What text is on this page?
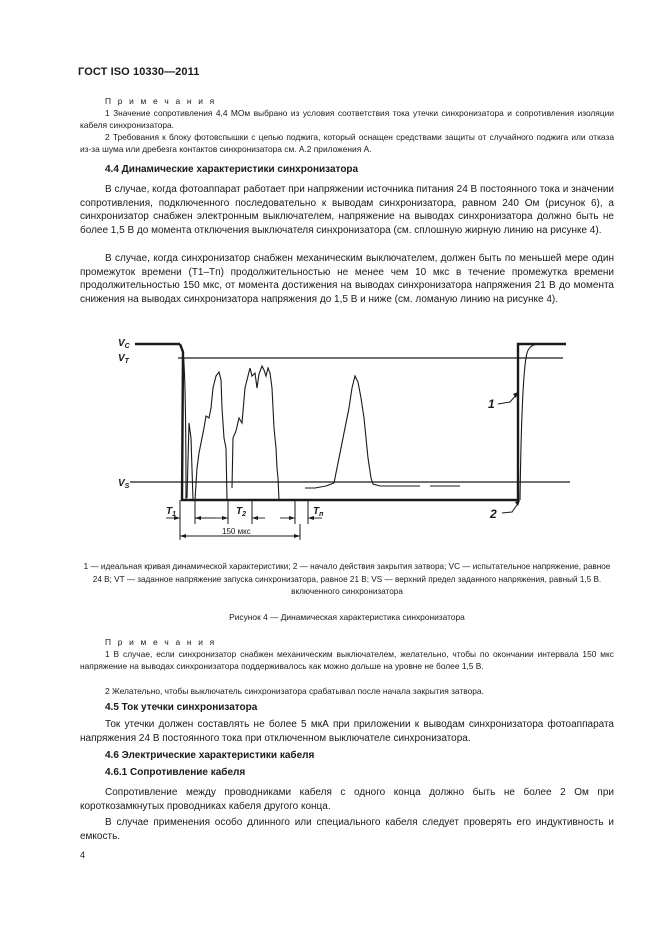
ГОСТ ISO 10330—2011
П р и м е ч а н и я
1 Значение сопротивления 4,4 МОм выбрано из условия соответствия тока утечки синхронизатора и сопротивления изоляции кабеля синхронизатора.
2 Требования к блоку фотовспышки с цепью поджига, который оснащен средствами защиты от случайного поджига или отказа из-за шума или дребезга контактов синхронизатора см. А.2 приложения А.
4.4 Динамические характеристики синхронизатора
В случае, когда фотоаппарат работает при напряжении источника питания 24 В постоянного тока и значении сопротивления, подключенного последовательно к выводам синхронизатора, равном 240 Ом (рисунок 6), а синхронизатор снабжен электронным выключателем, напряжение на выводах синхронизатора должно быть не более 1,5 В до момента отключения выключателя синхронизатора (см. сплошную жирную линию на рисунке 4).
В случае, когда синхронизатор снабжен механическим выключателем, должен быть по меньшей мере один промежуток времени (T1–Tп) продолжительностью не менее чем 10 мкс в течение промежутка времени продолжительностью 150 мкс, от момента достижения на выводах синхронизатора напряжения 21 В до момента снижения на выводах синхронизатора напряжения до 1,5 В и ниже (см. ломаную линию на рисунке 4).
$V_C$
$V_T$
$V_S$
$T_1$	$T_2$	$T_п$
1
2
150 мкс
1 — идеальная кривая динамической характеристики; 2 — начало действия закрытия затвора; VC — испытательное напряжение, равное 24 В; VT — заданное напряжение запуска синхронизатора, равное 21 В; VS — верхний предел заданного напряжения, равный 1,5 В. включенного синхронизатора
Рисунок 4 — Динамическая характеристика синхронизатора
П р и м е ч а н и я
1 В случае, если синхронизатор снабжен механическим выключателем, желательно, чтобы по окончании интервала 150 мкс напряжение на выводах синхронизатора поддерживалось как можно дольше на уровне не более 1,5 В.
2 Желательно, чтобы выключатель синхронизатора срабатывал после начала закрытия затвора.
4.5 Ток утечки синхронизатора
Ток утечки должен составлять не более 5 мкА при приложении к выводам синхронизатора фотоаппарата напряжения 24 В постоянного тока при отключенном выключателе синхронизатора.
4.6 Электрические характеристики кабеля
4.6.1 Сопротивление кабеля
Сопротивление между проводниками кабеля с одного конца должно быть не более 2 Ом при короткозамкнутых проводниках кабеля другого конца.
В случае применения особо длинного или специального кабеля следует проверять его индуктивность и емкость.
4
